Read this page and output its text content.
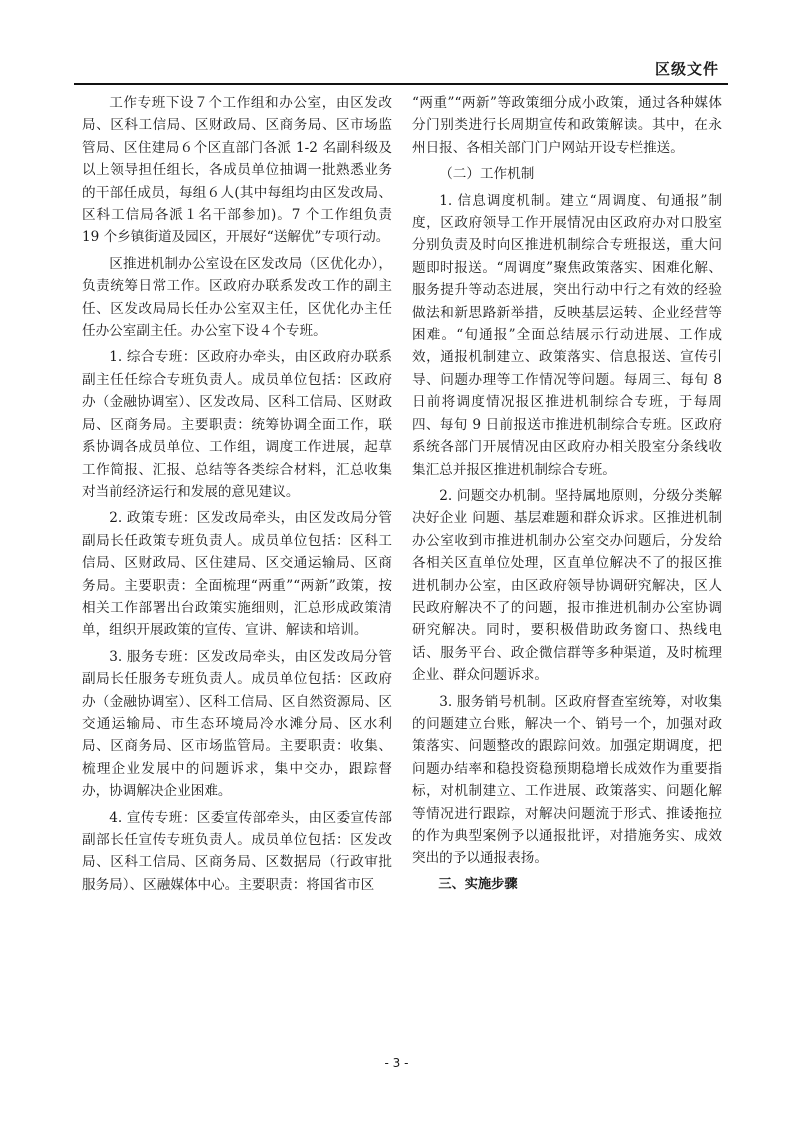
区级文件

工作专班下设７个工作组和办公室，由区发改局、区科工信局、区财政局、区商务局、区市场监管局、区住建局６个区直部门各派 1-2 名副科级及以上领导担任组长，各成员单位抽调一批熟悉业务的干部任成员，每组６人(其中每组均由区发改局、区科工信局各派１名干部参加)。7 个工作组负责 19 个乡镇街道及园区，开展好“送解优”专项行动。

区推进机制办公室设在区发改局（区优化办），负责统筹日常工作。区政府办联系发改工作的副主任、区发改局局长任办公室双主任，区优化办主任任办公室副主任。办公室下设４个专班。

1. 综合专班：区政府办牵头，由区政府办联系副主任任综合专班负责人。成员单位包括：区政府办（金融协调室）、区发改局、区科工信局、区财政局、区商务局。主要职责：统筹协调全面工作，联系协调各成员单位、工作组，调度工作进展，起草工作简报、汇报、总结等各类综合材料，汇总收集对当前经济运行和发展的意见建议。

2. 政策专班：区发改局牵头，由区发改局分管副局长任政策专班负责人。成员单位包括：区科工信局、区财政局、区住建局、区交通运输局、区商务局。主要职责：全面梳理“两重”“两新”政策，按相关工作部署出台政策实施细则，汇总形成政策清单，组织开展政策的宣传、宣讲、解读和培训。

3. 服务专班：区发改局牵头，由区发改局分管副局长任服务专班负责人。成员单位包括：区政府办（金融协调室）、区科工信局、区自然资源局、区交通运输局、市生态环境局冷水滩分局、区水利局、区商务局、区市场监管局。主要职责：收集、梳理企业发展中的问题诉求，集中交办，跟踪督办，协调解决企业困难。

4. 宣传专班：区委宣传部牵头，由区委宣传部副部长任宣传专班负责人。成员单位包括：区发改局、区科工信局、区商务局、区数据局（行政审批服务局）、区融媒体中心。主要职责：将国省市区

“两重”“两新”等政策细分成小政策，通过各种媒体分门别类进行长周期宣传和政策解读。其中，在永州日报、各相关部门门户网站开设专栏推送。

（二）工作机制

1. 信息调度机制。建立“周调度、旬通报”制度，区政府领导工作开展情况由区政府办对口股室分别负责及时向区推进机制综合专班报送，重大问题即时报送。“周调度”聚焦政策落实、困难化解、服务提升等动态进展，突出行动中行之有效的经验做法和新思路新举措，反映基层运转、企业经营等困难。“旬通报”全面总结展示行动进展、工作成效，通报机制建立、政策落实、信息报送、宣传引导、问题办理等工作情况等问题。每周三、每旬 8 日前将调度情况报区推进机制综合专班，于每周四、每旬 9 日前报送市推进机制综合专班。区政府系统各部门开展情况由区政府办相关股室分条线收集汇总并报区推进机制综合专班。

2. 问题交办机制。坚持属地原则，分级分类解决好企业 问题、基层难题和群众诉求。区推进机制办公室收到市推进机制办公室交办问题后，分发给各相关区直单位处理，区直单位解决不了的报区推进机制办公室，由区政府领导协调研究解决，区人民政府解决不了的问题，报市推进机制办公室协调研究解决。同时，要积极借助政务窗口、热线电话、服务平台、政企微信群等多种渠道，及时梳理企业、群众问题诉求。

3. 服务销号机制。区政府督查室统筹，对收集的问题建立台账，解决一个、销号一个，加强对政策落实、问题整改的跟踪问效。加强定期调度，把问题办结率和稳投资稳预期稳增长成效作为重要指标，对机制建立、工作进展、政策落实、问题化解等情况进行跟踪，对解决问题流于形式、推诿拖拉的作为典型案例予以通报批评，对措施务实、成效突出的予以通报表扬。

三、实施步骤

- 3 -
